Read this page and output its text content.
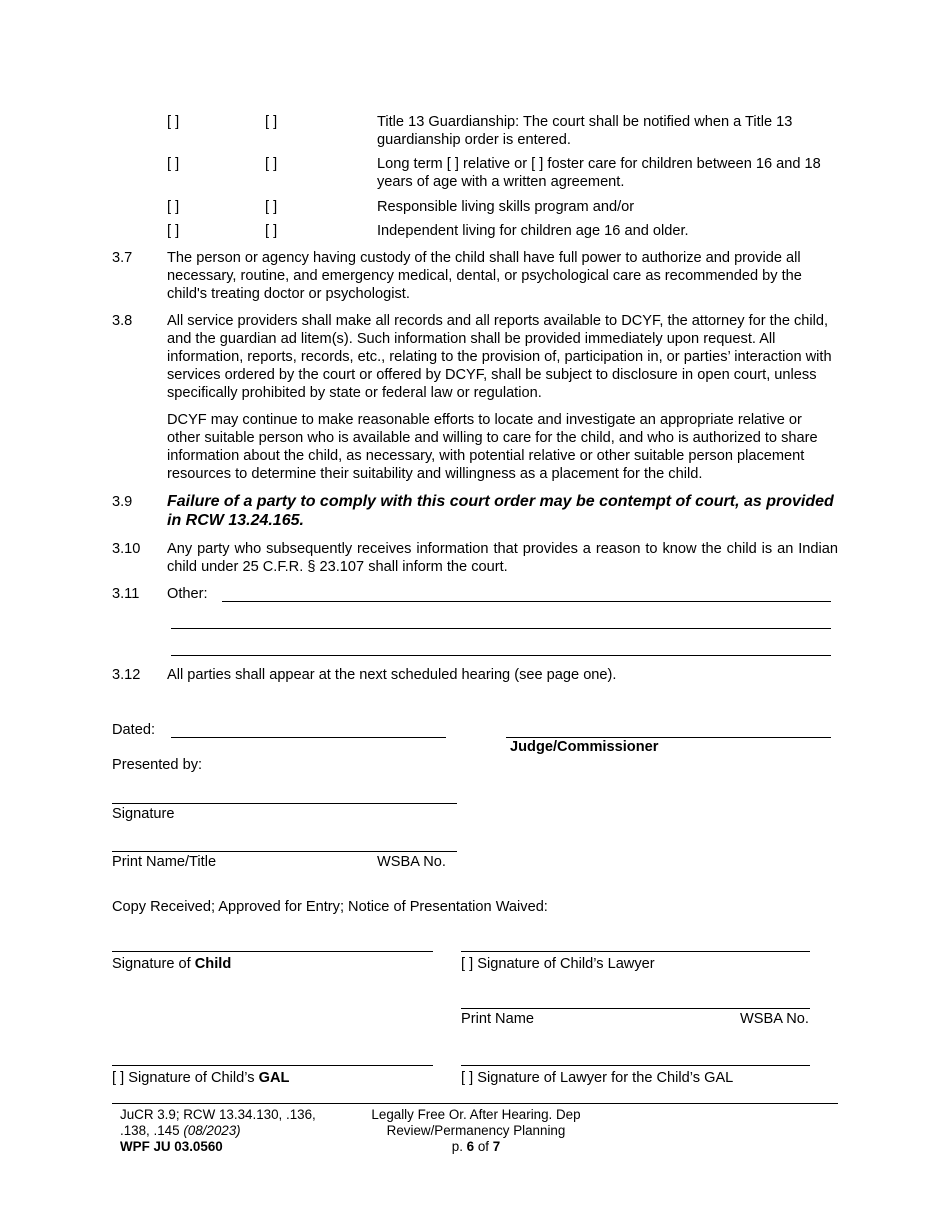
[ ]	[ ]	Title 13 Guardianship: The court shall be notified when a Title 13 guardianship order is entered.
[ ]	[ ]	Long term [ ] relative or [ ] foster care for children between 16 and 18 years of age with a written agreement.
[ ]	[ ]	Responsible living skills program and/or
[ ]	[ ]	Independent living for children age 16 and older.
3.7	The person or agency having custody of the child shall have full power to authorize and provide all necessary, routine, and emergency medical, dental, or psychological care as recommended by the child's treating doctor or psychologist.
3.8	All service providers shall make all records and all reports available to DCYF, the attorney for the child, and the guardian ad litem(s). Such information shall be provided immediately upon request. All information, reports, records, etc., relating to the provision of, participation in, or parties’ interaction with services ordered by the court or offered by DCYF, shall be subject to disclosure in open court, unless specifically prohibited by state or federal law or regulation.
DCYF may continue to make reasonable efforts to locate and investigate an appropriate relative or other suitable person who is available and willing to care for the child, and who is authorized to share information about the child, as necessary, with potential relative or other suitable person placement resources to determine their suitability and willingness as a placement for the child.
3.9	Failure of a party to comply with this court order may be contempt of court, as provided in RCW 13.24.165.
3.10	Any party who subsequently receives information that provides a reason to know the child is an Indian child under 25 C.F.R. § 23.107 shall inform the court.
3.11	Other:
3.12	All parties shall appear at the next scheduled hearing (see page one).
Dated:
Judge/Commissioner
Presented by:
Signature
Print Name/Title	WSBA No.
Copy Received; Approved for Entry; Notice of Presentation Waived:
Signature of Child	[ ] Signature of Child’s Lawyer
Print Name	WSBA No.
[ ] Signature of Child’s GAL	[ ] Signature of Lawyer for the Child’s GAL
JuCR 3.9; RCW 13.34.130, .136,
.138, .145 (08/2023)
WPF JU 03.0560
Legally Free Or. After Hearing. Dep
Review/Permanency Planning
p. 6 of 7
